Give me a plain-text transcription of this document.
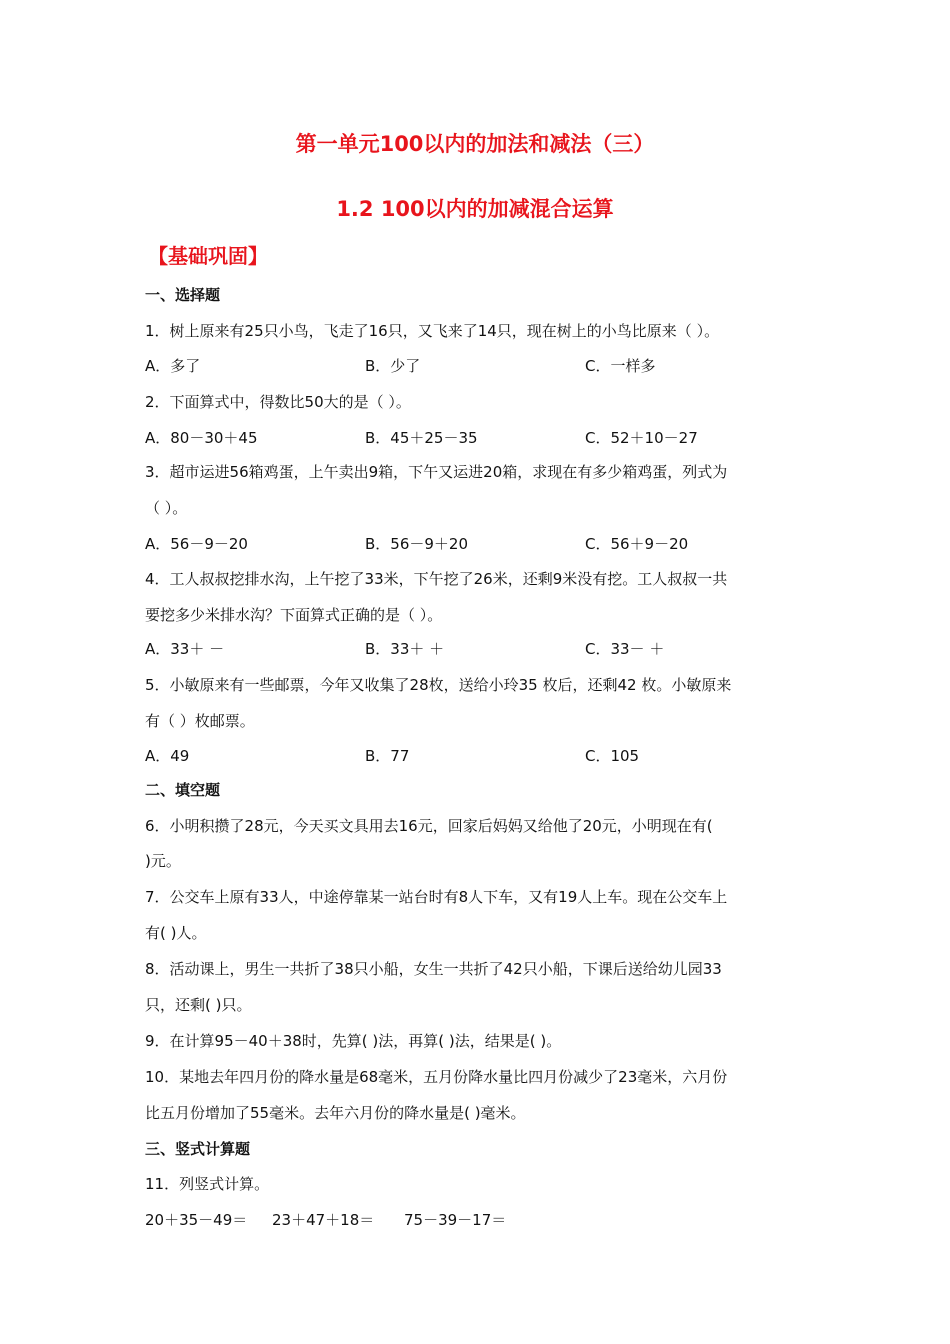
第一单元100以内的加法和减法（三）
1.2 100以内的加减混合运算
【基础巩固】
一、选择题
1．树上原来有25只小鸟，飞走了16只，又飞来了14只，现在树上的小鸟比原来（ ）。
A．多了	B．少了	C．一样多
2．下面算式中，得数比50大的是（ ）。
A．80－30＋45	B．45＋25－35	C．52＋10－27
3．超市运进56箱鸡蛋，上午卖出9箱，下午又运进20箱，求现在有多少箱鸡蛋，列式为
（ ）。
A．56－9－20	B．56－9＋20	C．56＋9－20
4．工人叔叔挖排水沟，上午挖了33米，下午挖了26米，还剩9米没有挖。工人叔叔一共
要挖多少米排水沟？下面算式正确的是（ ）。
A．33＋ －	B．33＋ ＋	C．33－ ＋
5．小敏原来有一些邮票，今年又收集了28枚，送给小玲35 枚后，还剩42 枚。小敏原来
有（ ）枚邮票。
A．49	B．77	C．105
二、填空题
6．小明积攒了28元，今天买文具用去16元，回家后妈妈又给他了20元，小明现在有(
)元。
7．公交车上原有33人，中途停靠某一站台时有8人下车，又有19人上车。现在公交车上
有( )人。
8．活动课上，男生一共折了38只小船，女生一共折了42只小船，下课后送给幼儿园33
只，还剩( )只。
9．在计算95－40＋38时，先算( )法，再算( )法，结果是( )。
10．某地去年四月份的降水量是68毫米，五月份降水量比四月份减少了23毫米，六月份
比五月份增加了55毫米。去年六月份的降水量是( )毫米。
三、竖式计算题
11．列竖式计算。
20＋35－49＝ 23＋47＋18＝ 75－39－17＝
